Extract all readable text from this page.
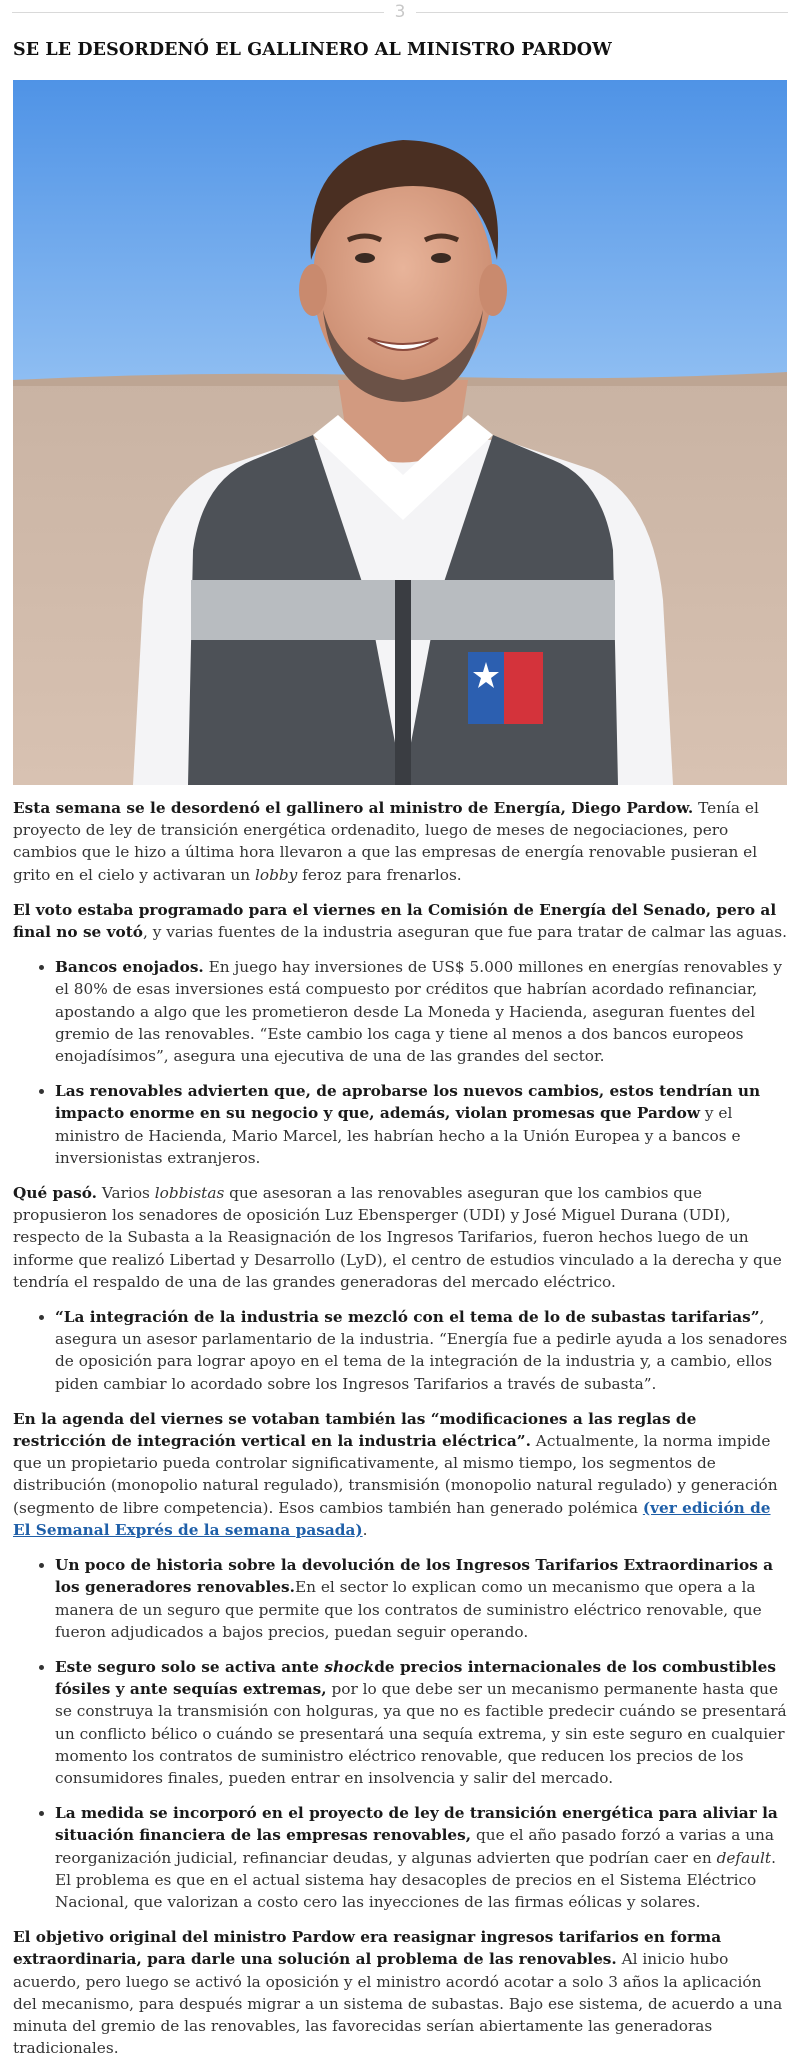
3
SE LE DESORDENÓ EL GALLINERO AL MINISTRO PARDOW

Esta semana se le desordenó el gallinero al ministro de Energía, Diego Pardow. Tenía el proyecto de ley de transición energética ordenadito, luego de meses de negociaciones, pero cambios que le hizo a última hora llevaron a que las empresas de energía renovable pusieran el grito en el cielo y activaran un lobby feroz para frenarlos.

El voto estaba programado para el viernes en la Comisión de Energía del Senado, pero al final no se votó, y varias fuentes de la industria aseguran que fue para tratar de calmar las aguas.

• Bancos enojados. En juego hay inversiones de US$ 5.000 millones en energías renovables y el 80% de esas inversiones está compuesto por créditos que habrían acordado refinanciar, apostando a algo que les prometieron desde La Moneda y Hacienda, aseguran fuentes del gremio de las renovables. “Este cambio los caga y tiene al menos a dos bancos europeos enojadísimos”, asegura una ejecutiva de una de las grandes del sector.
• Las renovables advierten que, de aprobarse los nuevos cambios, estos tendrían un impacto enorme en su negocio y que, además, violan promesas que Pardow y el ministro de Hacienda, Mario Marcel, les habrían hecho a la Unión Europea y a bancos e inversionistas extranjeros.

Qué pasó. Varios lobbistas que asesoran a las renovables aseguran que los cambios que propusieron los senadores de oposición Luz Ebensperger (UDI) y José Miguel Durana (UDI), respecto de la Subasta a la Reasignación de los Ingresos Tarifarios, fueron hechos luego de un informe que realizó Libertad y Desarrollo (LyD), el centro de estudios vinculado a la derecha y que tendría el respaldo de una de las grandes generadoras del mercado eléctrico.

• “La integración de la industria se mezcló con el tema de lo de subastas tarifarias”, asegura un asesor parlamentario de la industria. “Energía fue a pedirle ayuda a los senadores de oposición para lograr apoyo en el tema de la integración de la industria y, a cambio, ellos piden cambiar lo acordado sobre los Ingresos Tarifarios a través de subasta”.

En la agenda del viernes se votaban también las “modificaciones a las reglas de restricción de integración vertical en la industria eléctrica”. Actualmente, la norma impide que un propietario pueda controlar significativamente, al mismo tiempo, los segmentos de distribución (monopolio natural regulado), transmisión (monopolio natural regulado) y generación (segmento de libre competencia). Esos cambios también han generado polémica (ver edición de El Semanal Exprés de la semana pasada).

• Un poco de historia sobre la devolución de los Ingresos Tarifarios Extraordinarios a los generadores renovables.En el sector lo explican como un mecanismo que opera a la manera de un seguro que permite que los contratos de suministro eléctrico renovable, que fueron adjudicados a bajos precios, puedan seguir operando.
• Este seguro solo se activa ante shockde precios internacionales de los combustibles fósiles y ante sequías extremas, por lo que debe ser un mecanismo permanente hasta que se construya la transmisión con holguras, ya que no es factible predecir cuándo se presentará un conflicto bélico o cuándo se presentará una sequía extrema, y sin este seguro en cualquier momento los contratos de suministro eléctrico renovable, que reducen los precios de los consumidores finales, pueden entrar en insolvencia y salir del mercado.
• La medida se incorporó en el proyecto de ley de transición energética para aliviar la situación financiera de las empresas renovables, que el año pasado forzó a varias a una reorganización judicial, refinanciar deudas, y algunas advierten que podrían caer en default. El problema es que en el actual sistema hay desacoples de precios en el Sistema Eléctrico Nacional, que valorizan a costo cero las inyecciones de las firmas eólicas y solares.

El objetivo original del ministro Pardow era reasignar ingresos tarifarios en forma extraordinaria, para darle una solución al problema de las renovables. Al inicio hubo acuerdo, pero luego se activó la oposición y el ministro acordó acotar a solo 3 años la aplicación del mecanismo, para después migrar a un sistema de subastas. Bajo ese sistema, de acuerdo a una minuta del gremio de las renovables, las favorecidas serían abiertamente las generadoras tradicionales.
